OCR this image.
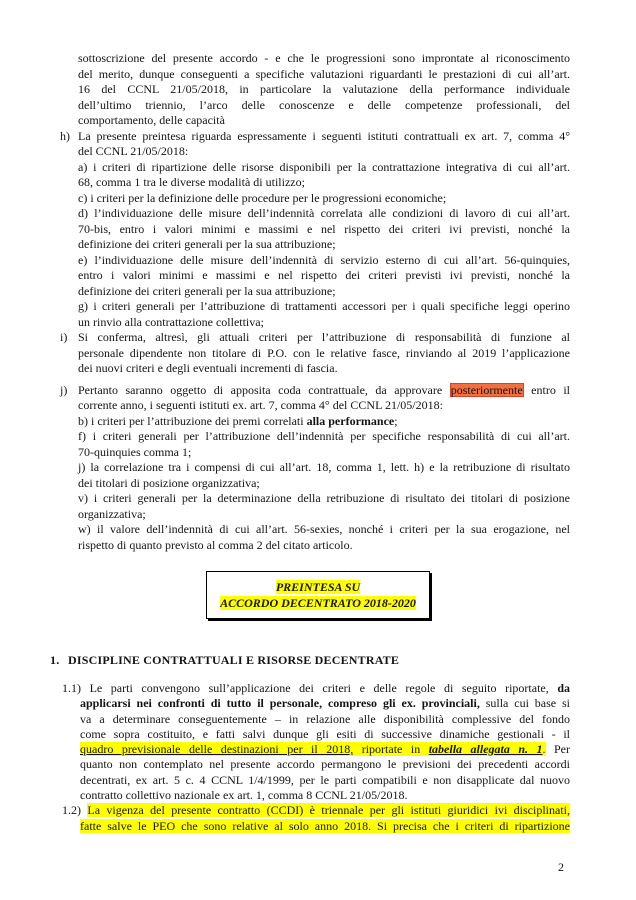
sottoscrizione del presente accordo - e che le progressioni sono improntate al riconoscimento
del merito, dunque conseguenti a specifiche valutazioni riguardanti le prestazioni di cui all’art.
16 del CCNL 21/05/2018, in particolare la valutazione della performance individuale
dell’ultimo triennio, l’arco delle conoscenze e delle competenze professionali, del
comportamento, delle capacità
h) La presente preintesa riguarda espressamente i seguenti istituti contrattuali ex art. 7, comma 4°
del CCNL 21/05/2018:
a) i criteri di ripartizione delle risorse disponibili per la contrattazione integrativa di cui all’art.
68, comma 1 tra le diverse modalità di utilizzo;
c) i criteri per la definizione delle procedure per le progressioni economiche;
d) l’individuazione delle misure dell’indennità correlata alle condizioni di lavoro di cui all’art.
70-bis, entro i valori minimi e massimi e nel rispetto dei criteri ivi previsti, nonché la
definizione dei criteri generali per la sua attribuzione;
e) l’individuazione delle misure dell’indennità di servizio esterno di cui all’art. 56-quinquies,
entro i valori minimi e massimi e nel rispetto dei criteri previsti ivi previsti, nonché la
definizione dei criteri generali per la sua attribuzione;
g) i criteri generali per l’attribuzione di trattamenti accessori per i quali specifiche leggi operino
un rinvio alla contrattazione collettiva;
i) Si conferma, altresì, gli attuali criteri per l’attribuzione di responsabilità di funzione al
personale dipendente non titolare di P.O. con le relative fasce, rinviando al 2019 l’applicazione
dei nuovi criteri e degli eventuali incrementi di fascia.
j) Pertanto saranno oggetto di apposita coda contrattuale, da approvare posteriormente entro il
corrente anno, i seguenti istituti ex. art. 7, comma 4° del CCNL 21/05/2018:
b) i criteri per l’attribuzione dei premi correlati alla performance;
f) i criteri generali per l’attribuzione dell’indennità per specifiche responsabilità di cui all’art.
70-quinquies comma 1;
j) la correlazione tra i compensi di cui all’art. 18, comma 1, lett. h) e la retribuzione di risultato
dei titolari di posizione organizzativa;
v) i criteri generali per la determinazione della retribuzione di risultato dei titolari di posizione
organizzativa;
w) il valore dell’indennità di cui all’art. 56-sexies, nonché i criteri per la sua erogazione, nel
rispetto di quanto previsto al comma 2 del citato articolo.
PREINTESA SU
ACCORDO DECENTRATO 2018-2020
1. DISCIPLINE CONTRATTUALI E RISORSE DECENTRATE
1.1) Le parti convengono sull’applicazione dei criteri e delle regole di seguito riportate, da
applicarsi nei confronti di tutto il personale, compreso gli ex. provinciali, sulla cui base si
va a determinare conseguentemente – in relazione alle disponibilità complessive del fondo
come sopra costituito, e fatti salvi dunque gli esiti di successive dinamiche gestionali - il
quadro previsionale delle destinazioni per il 2018, riportate in tabella allegata n. 1. Per
quanto non contemplato nel presente accordo permangono le previsioni dei precedenti accordi
decentrati, ex art. 5 c. 4 CCNL 1/4/1999, per le parti compatibili e non disapplicate dal nuovo
contratto collettivo nazionale ex art. 1, comma 8 CCNL 21/05/2018.
1.2) La vigenza del presente contratto (CCDI) è triennale per gli istituti giuridici ivi disciplinati,
fatte salve le PEO che sono relative al solo anno 2018. Si precisa che i criteri di ripartizione
2
